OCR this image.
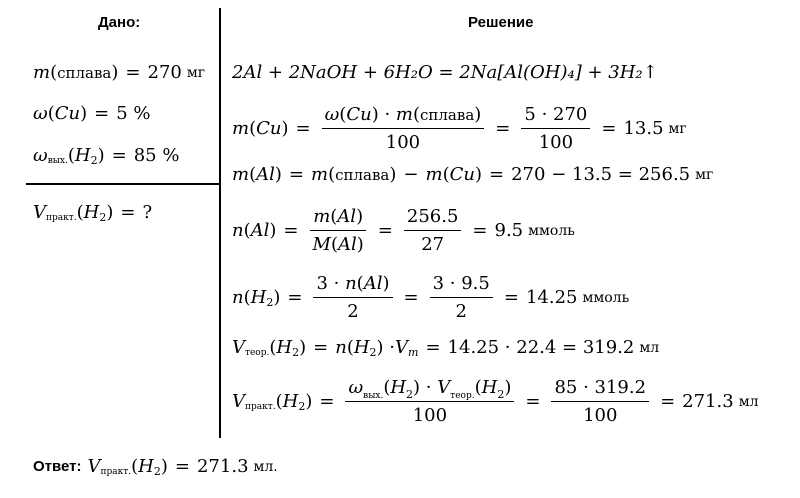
Дано:	Решение
m ( сплава ) = 270 мг
ω ( Cu ) = 5 %
ω вых. ( H 2 ) = 85 %
V практ. ( H 2 ) = ?
2Al + 2NaOH + 6H₂O = 2Na[Al(OH)₄] + 3H₂↑
m ( Cu ) = $\frac{\text{ω(Cu) · m(сплава)}}{100} = \frac{5 \cdot 270}{100} = 13.5$ мг
m ( Al ) = m ( сплава ) − m ( Cu ) = 270 − 13.5 = 256.5 мг
n ( Al ) = $\frac{m(Al)}{M(Al)} = \frac{256.5}{27} = 9.5$ ммоль
n ( H 2 ) = $\frac{3 \cdot n(Al)}{2} = \frac{3 \cdot 9.5}{2} = 14.25$ ммоль
V теор. ( H 2 ) = n ( H 2 ) · V m = 14.25 · 22.4 = 319.2 мл
V практ. ( H 2 ) = $\frac{\omega_{вых.}(H_2) \cdot V_{теор.}(H_2)}{100} = \frac{85 \cdot 319.2}{100} = 271.3$ мл
Ответ: V практ. ( H 2 ) = 271.3 мл.
